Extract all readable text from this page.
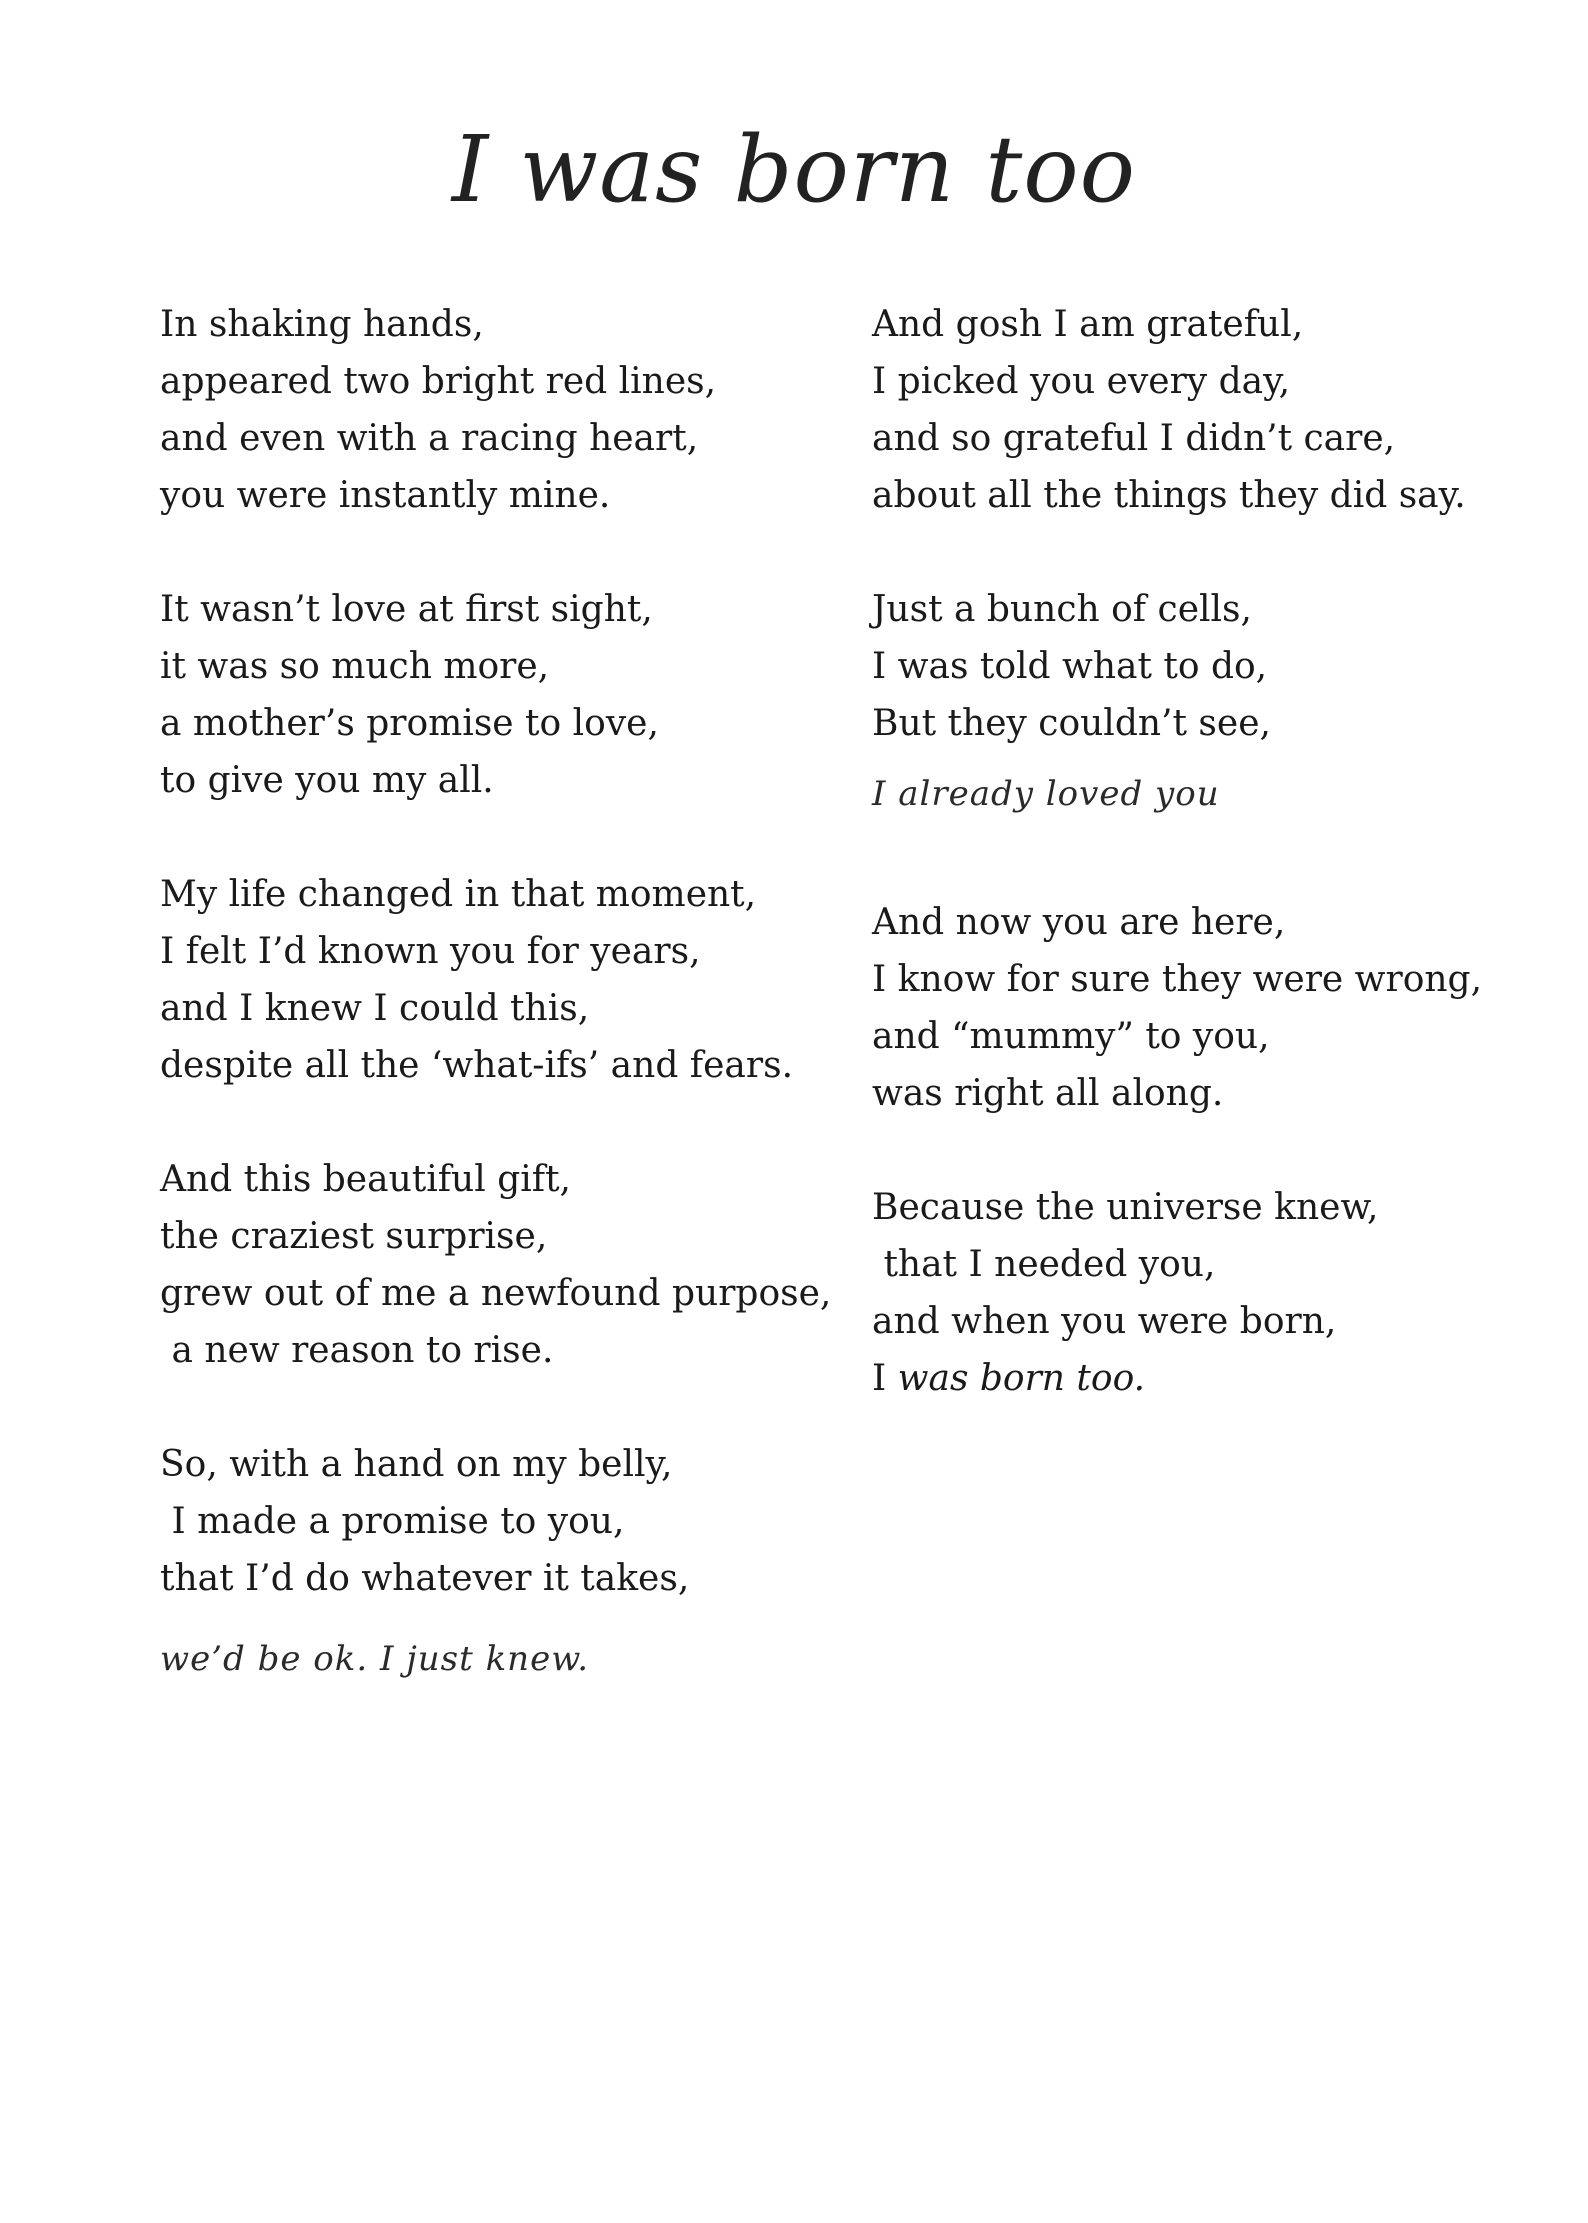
I was born too
In shaking hands,
appeared two bright red lines,
and even with a racing heart,
you were instantly mine.
It wasn’t love at first sight,
it was so much more,
a mother’s promise to love,
to give you my all.
My life changed in that moment,
I felt I’d known you for years,
and I knew I could this,
despite all the ‘what-ifs’ and fears.
And this beautiful gift,
the craziest surprise,
grew out of me a newfound purpose,
a new reason to rise.
So, with a hand on my belly,
I made a promise to you,
that I’d do whatever it takes,
we’d be ok. I just knew.
And gosh I am grateful,
I picked you every day,
and so grateful I didn’t care,
about all the things they did say.
Just a bunch of cells,
I was told what to do,
But they couldn’t see,
I already loved you
And now you are here,
I know for sure they were wrong,
and “mummy” to you,
was right all along.
Because the universe knew,
that I needed you,
and when you were born,
I was born too.
